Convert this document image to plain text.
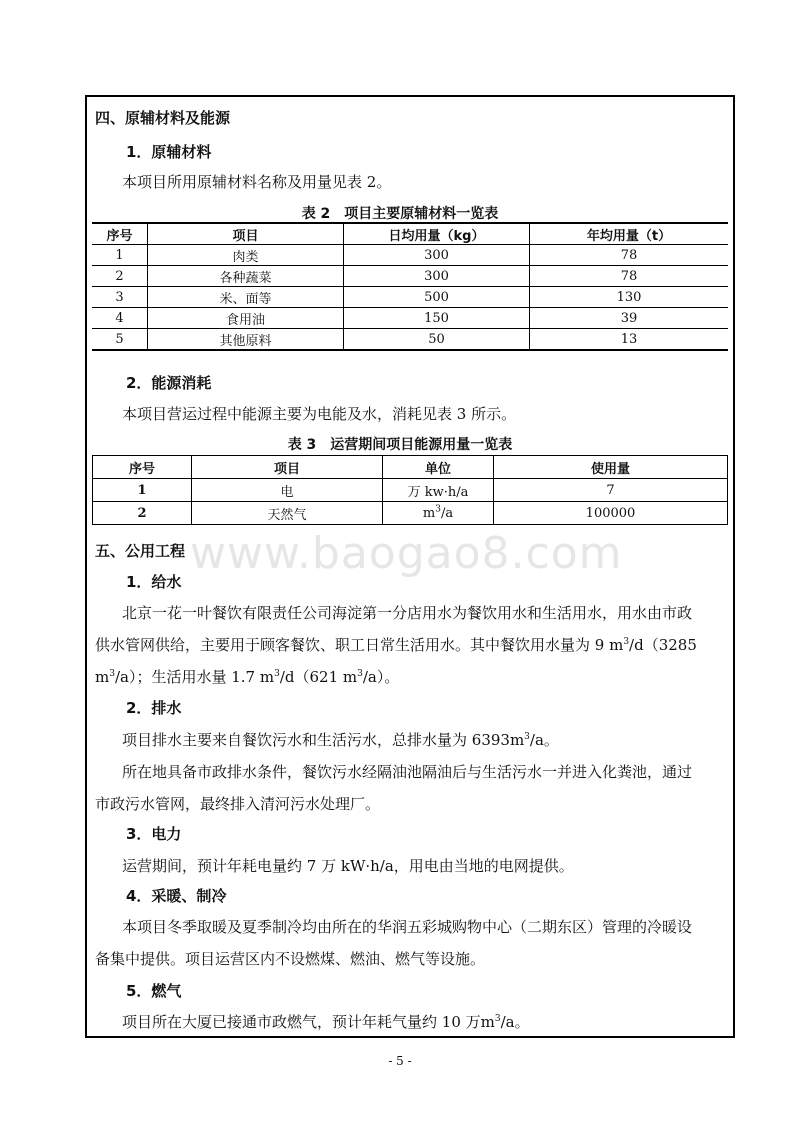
四、原辅材料及能源
1．原辅材料
本项目所用原辅材料名称及用量见表 2。
表 2　项目主要原辅材料一览表
序号	项目	日均用量（kg）	年均用量（t）
1	肉类	300	78
2	各种蔬菜	300	78
3	米、面等	500	130
4	食用油	150	39
5	其他原料	50	13
2．能源消耗
本项目营运过程中能源主要为电能及水，消耗见表 3 所示。
表 3　运营期间项目能源用量一览表
序号	项目	单位	使用量
1	电	万 kw·h/a	7
2	天然气	$m^3/a$	100000
www.baogao8.com
五、公用工程
1．给水
北京一花一叶餐饮有限责任公司海淀第一分店用水为餐饮用水和生活用水，用水由市政
供水管网供给，主要用于顾客餐饮、职工日常生活用水。其中餐饮用水量为 9 $m^3/d(3285$
$m^3/a$）；生活用水量 1.7 $m^3/d(621$ $m^3/a$）。
2．排水
项目排水主要来自餐饮污水和生活污水，总排水量为 $6393m^3/a$。
所在地具备市政排水条件，餐饮污水经隔油池隔油后与生活污水一并进入化粪池，通过
市政污水管网，最终排入清河污水处理厂。
3．电力
运营期间，预计年耗电量约 7 万 kW·h/a，用电由当地的电网提供。
4．采暖、制冷
本项目冬季取暖及夏季制冷均由所在的华润五彩城购物中心（二期东区）管理的冷暖设
备集中提供。项目运营区内不设燃煤、燃油、燃气等设施。
5．燃气
项目所在大厦已接通市政燃气，预计年耗气量约 10 万$m^3/a$。
- 5 -
